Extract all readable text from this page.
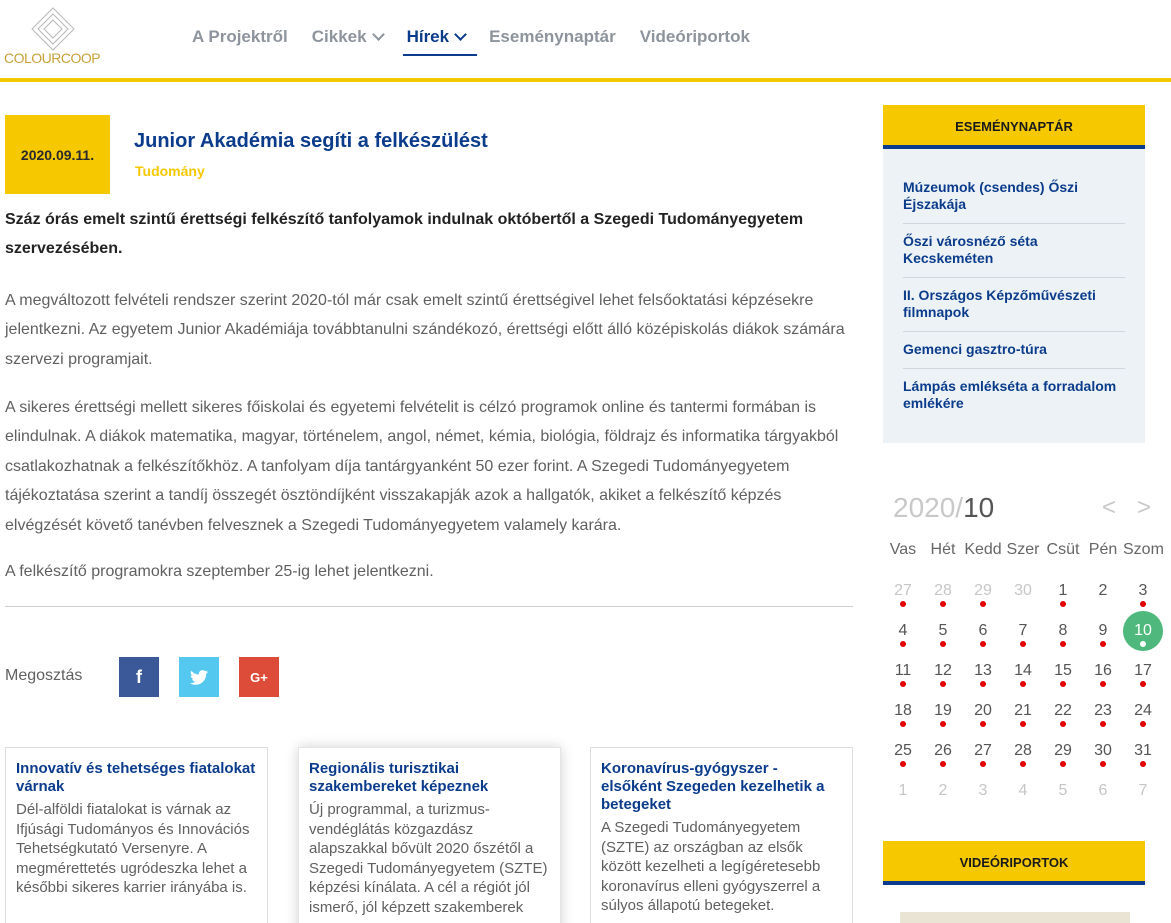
COLOURCOOP
A Projektről Cikkek Hírek Eseménynaptár Videóriportok
2020.09.11.
Junior Akadémia segíti a felkészülést
Tudomány

Száz órás emelt szintű érettségi felkészítő tanfolyamok indulnak októbertől a Szegedi Tudományegyetem szervezésében.

A megváltozott felvételi rendszer szerint 2020-tól már csak emelt szintű érettségivel lehet felsőoktatási képzésekre jelentkezni. Az egyetem Junior Akadémiája továbbtanulni szándékozó, érettségi előtt álló középiskolás diákok számára szervezi programjait.

A sikeres érettségi mellett sikeres főiskolai és egyetemi felvételit is célzó programok online és tantermi formában is elindulnak. A diákok matematika, magyar, történelem, angol, német, kémia, biológia, földrajz és informatika tárgyakból csatlakozhatnak a felkészítőkhöz. A tanfolyam díja tantárgyanként 50 ezer forint. A Szegedi Tudományegyetem tájékoztatása szerint a tandíj összegét ösztöndíjként visszakapják azok a hallgatók, akiket a felkészítő képzés elvégzését követő tanévben felvesznek a Szegedi Tudományegyetem valamely karára.

A felkészítő programokra szeptember 25-ig lehet jelentkezni.

Megosztás	f	G+
Innovatív és tehetséges fiatalokat várnak
Dél-alföldi fiatalokat is várnak az Ifjúsági Tudományos és Innovációs Tehetségkutató Versenyre. A megmérettetés ugródeszka lehet a későbbi sikeres karrier irányába is.
Regionális turisztikai szakembereket képeznek
Új programmal, a turizmus-vendéglátás közgazdász alapszakkal bővült 2020 őszétől a Szegedi Tudományegyetem (SZTE) képzési kínálata. A cél a régiót jól ismerő, jól képzett szakemberek
Koronavírus-gyógyszer - elsőként Szegeden kezelhetik a betegeket
A Szegedi Tudományegyetem (SZTE) az országban az elsők között kezelheti a legígéretesebb koronavírus elleni gyógyszerrel a súlyos állapotú betegeket.
ESEMÉNYNAPTÁR
Múzeumok (csendes) Őszi Éjszakája
Őszi városnéző séta Kecskeméten
II. Országos Képzőművészeti filmnapok
Gemenci gasztro-túra
Lámpás emlékséta a forradalom emlékére
2020/10	< >
Vas Hét Kedd Szer Csüt Pén Szom
27	28	29	30	1	2	3
4	5	6	7	8	9	10
11	12	13	14	15	16	17
18	19	20	21	22	23	24
25	26	27	28	29	30	31
1	2	3	4	5	6	7
VIDEÓRIPORTOK
